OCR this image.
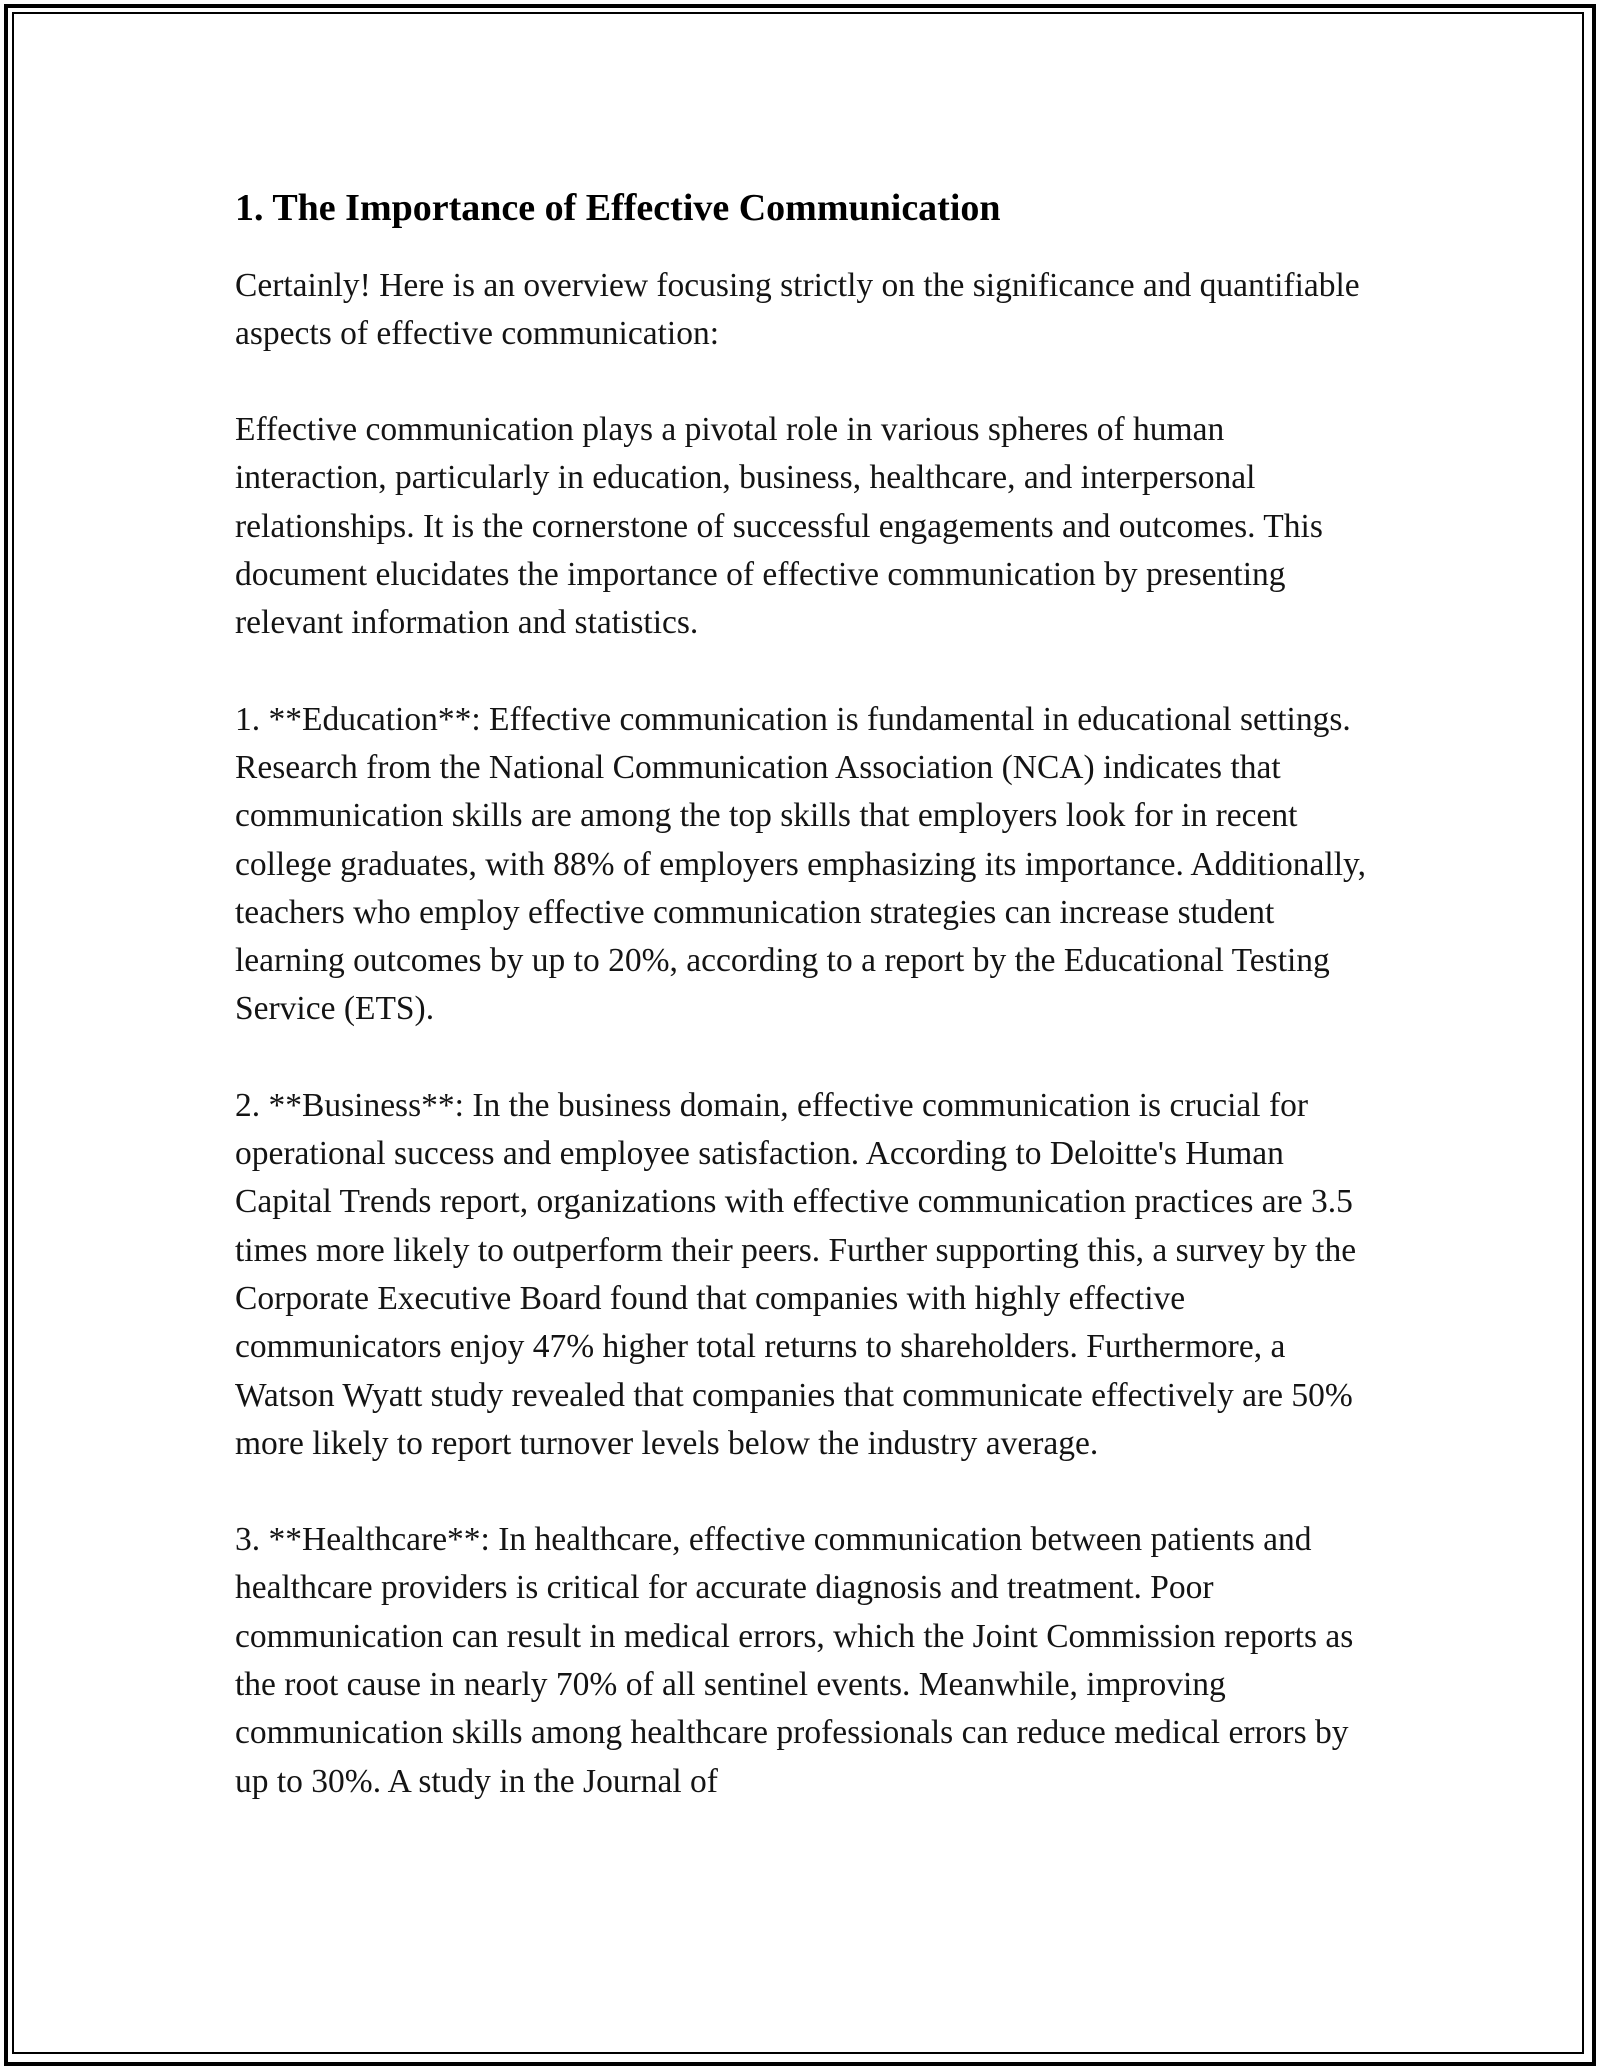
1. The Importance of Effective Communication

Certainly! Here is an overview focusing strictly on the significance and quantifiable aspects of effective communication:

Effective communication plays a pivotal role in various spheres of human interaction, particularly in education, business, healthcare, and interpersonal relationships. It is the cornerstone of successful engagements and outcomes. This document elucidates the importance of effective communication by presenting relevant information and statistics.

1. **Education**: Effective communication is fundamental in educational settings. Research from the National Communication Association (NCA) indicates that communication skills are among the top skills that employers look for in recent college graduates, with 88% of employers emphasizing its importance. Additionally, teachers who employ effective communication strategies can increase student learning outcomes by up to 20%, according to a report by the Educational Testing Service (ETS).

2. **Business**: In the business domain, effective communication is crucial for operational success and employee satisfaction. According to Deloitte's Human Capital Trends report, organizations with effective communication practices are 3.5 times more likely to outperform their peers. Further supporting this, a survey by the Corporate Executive Board found that companies with highly effective communicators enjoy 47% higher total returns to shareholders. Furthermore, a Watson Wyatt study revealed that companies that communicate effectively are 50% more likely to report turnover levels below the industry average.

3. **Healthcare**: In healthcare, effective communication between patients and healthcare providers is critical for accurate diagnosis and treatment. Poor communication can result in medical errors, which the Joint Commission reports as the root cause in nearly 70% of all sentinel events. Meanwhile, improving communication skills among healthcare professionals can reduce medical errors by up to 30%. A study in the Journal of
